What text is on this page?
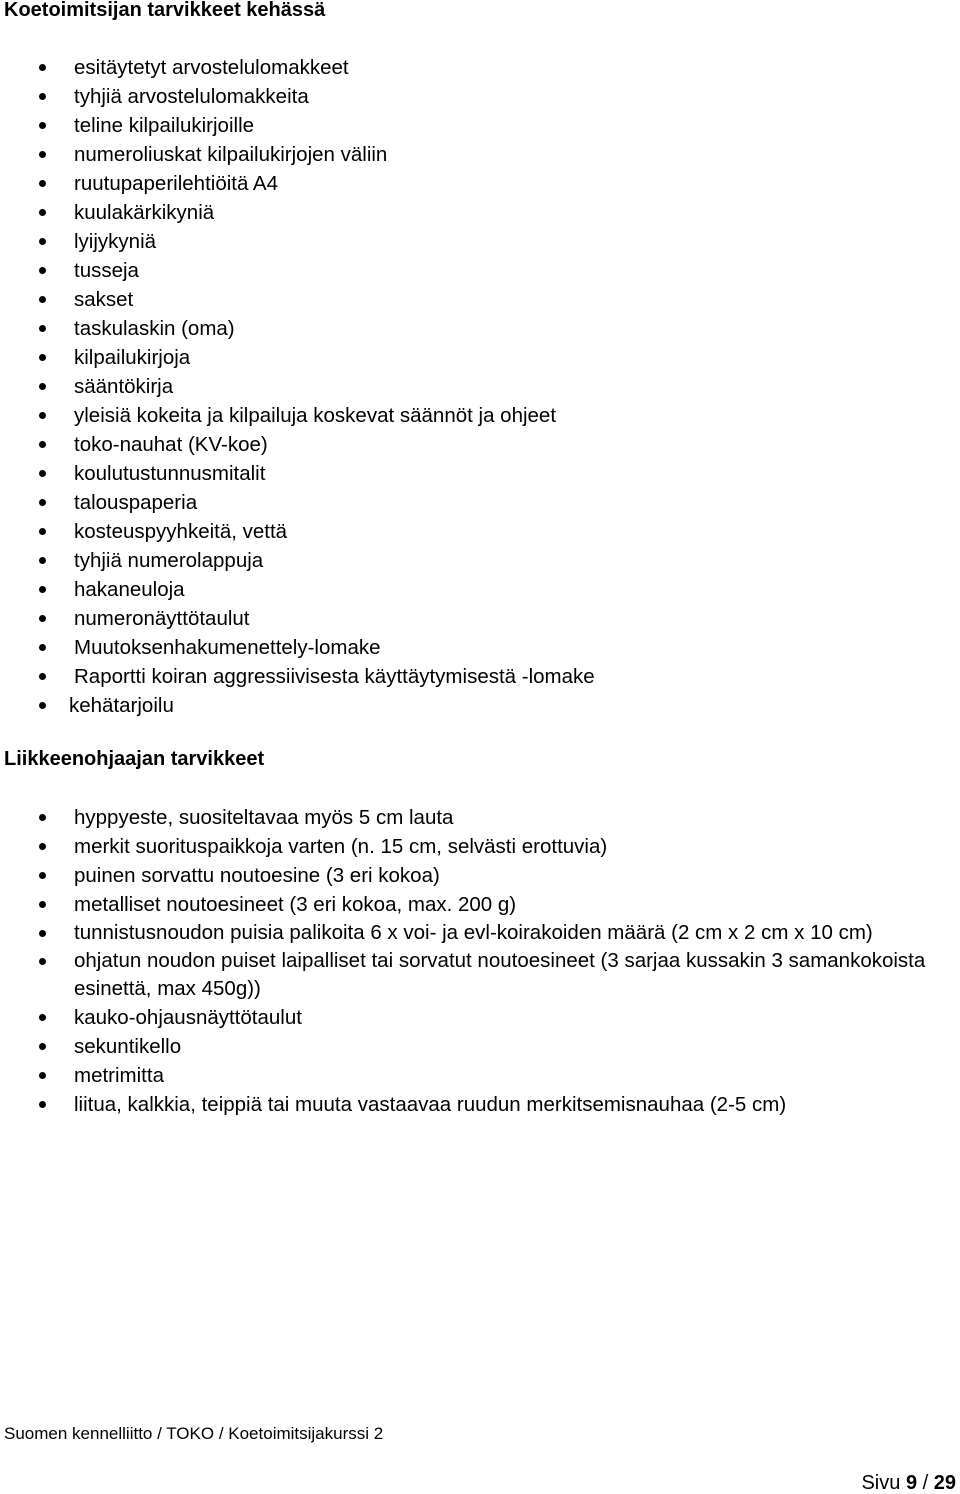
Koetoimitsijan tarvikkeet kehässä
esitäytetyt arvostelulomakkeet
tyhjiä arvostelulomakkeita
teline kilpailukirjoille
numeroliuskat kilpailukirjojen väliin
ruutupaperilehtiöitä A4
kuulakärkikyniä
lyijykyniä
tusseja
sakset
taskulaskin (oma)
kilpailukirjoja
sääntökirja
yleisiä kokeita ja kilpailuja koskevat säännöt ja ohjeet
toko-nauhat (KV-koe)
koulutustunnusmitalit
talouspaperia
kosteuspyyhkeitä, vettä
tyhjiä numerolappuja
hakaneuloja
numeronäyttötaulut
Muutoksenhakumenettely-lomake
Raportti koiran aggressiivisesta käyttäytymisestä -lomake
kehätarjoilu
Liikkeenohjaajan tarvikkeet
hyppyeste, suositeltavaa myös 5 cm lauta
merkit suorituspaikkoja varten (n. 15 cm, selvästi erottuvia)
puinen sorvattu noutoesine (3 eri kokoa)
metalliset noutoesineet (3 eri kokoa, max. 200 g)
tunnistusnoudon puisia palikoita 6 x voi- ja evl-koirakoiden määrä (2 cm x 2 cm x 10 cm)
ohjatun noudon puiset laipalliset tai sorvatut noutoesineet (3 sarjaa kussakin 3 samankokoista esinettä, max 450g))
kauko-ohjausnäyttötaulut
sekuntikello
metrimitta
liitua, kalkkia, teippiä tai muuta vastaavaa ruudun merkitsemisnauhaa (2-5 cm)
Suomen kennelliitto / TOKO / Koetoimitsijakurssi 2
Sivu 9 / 29
